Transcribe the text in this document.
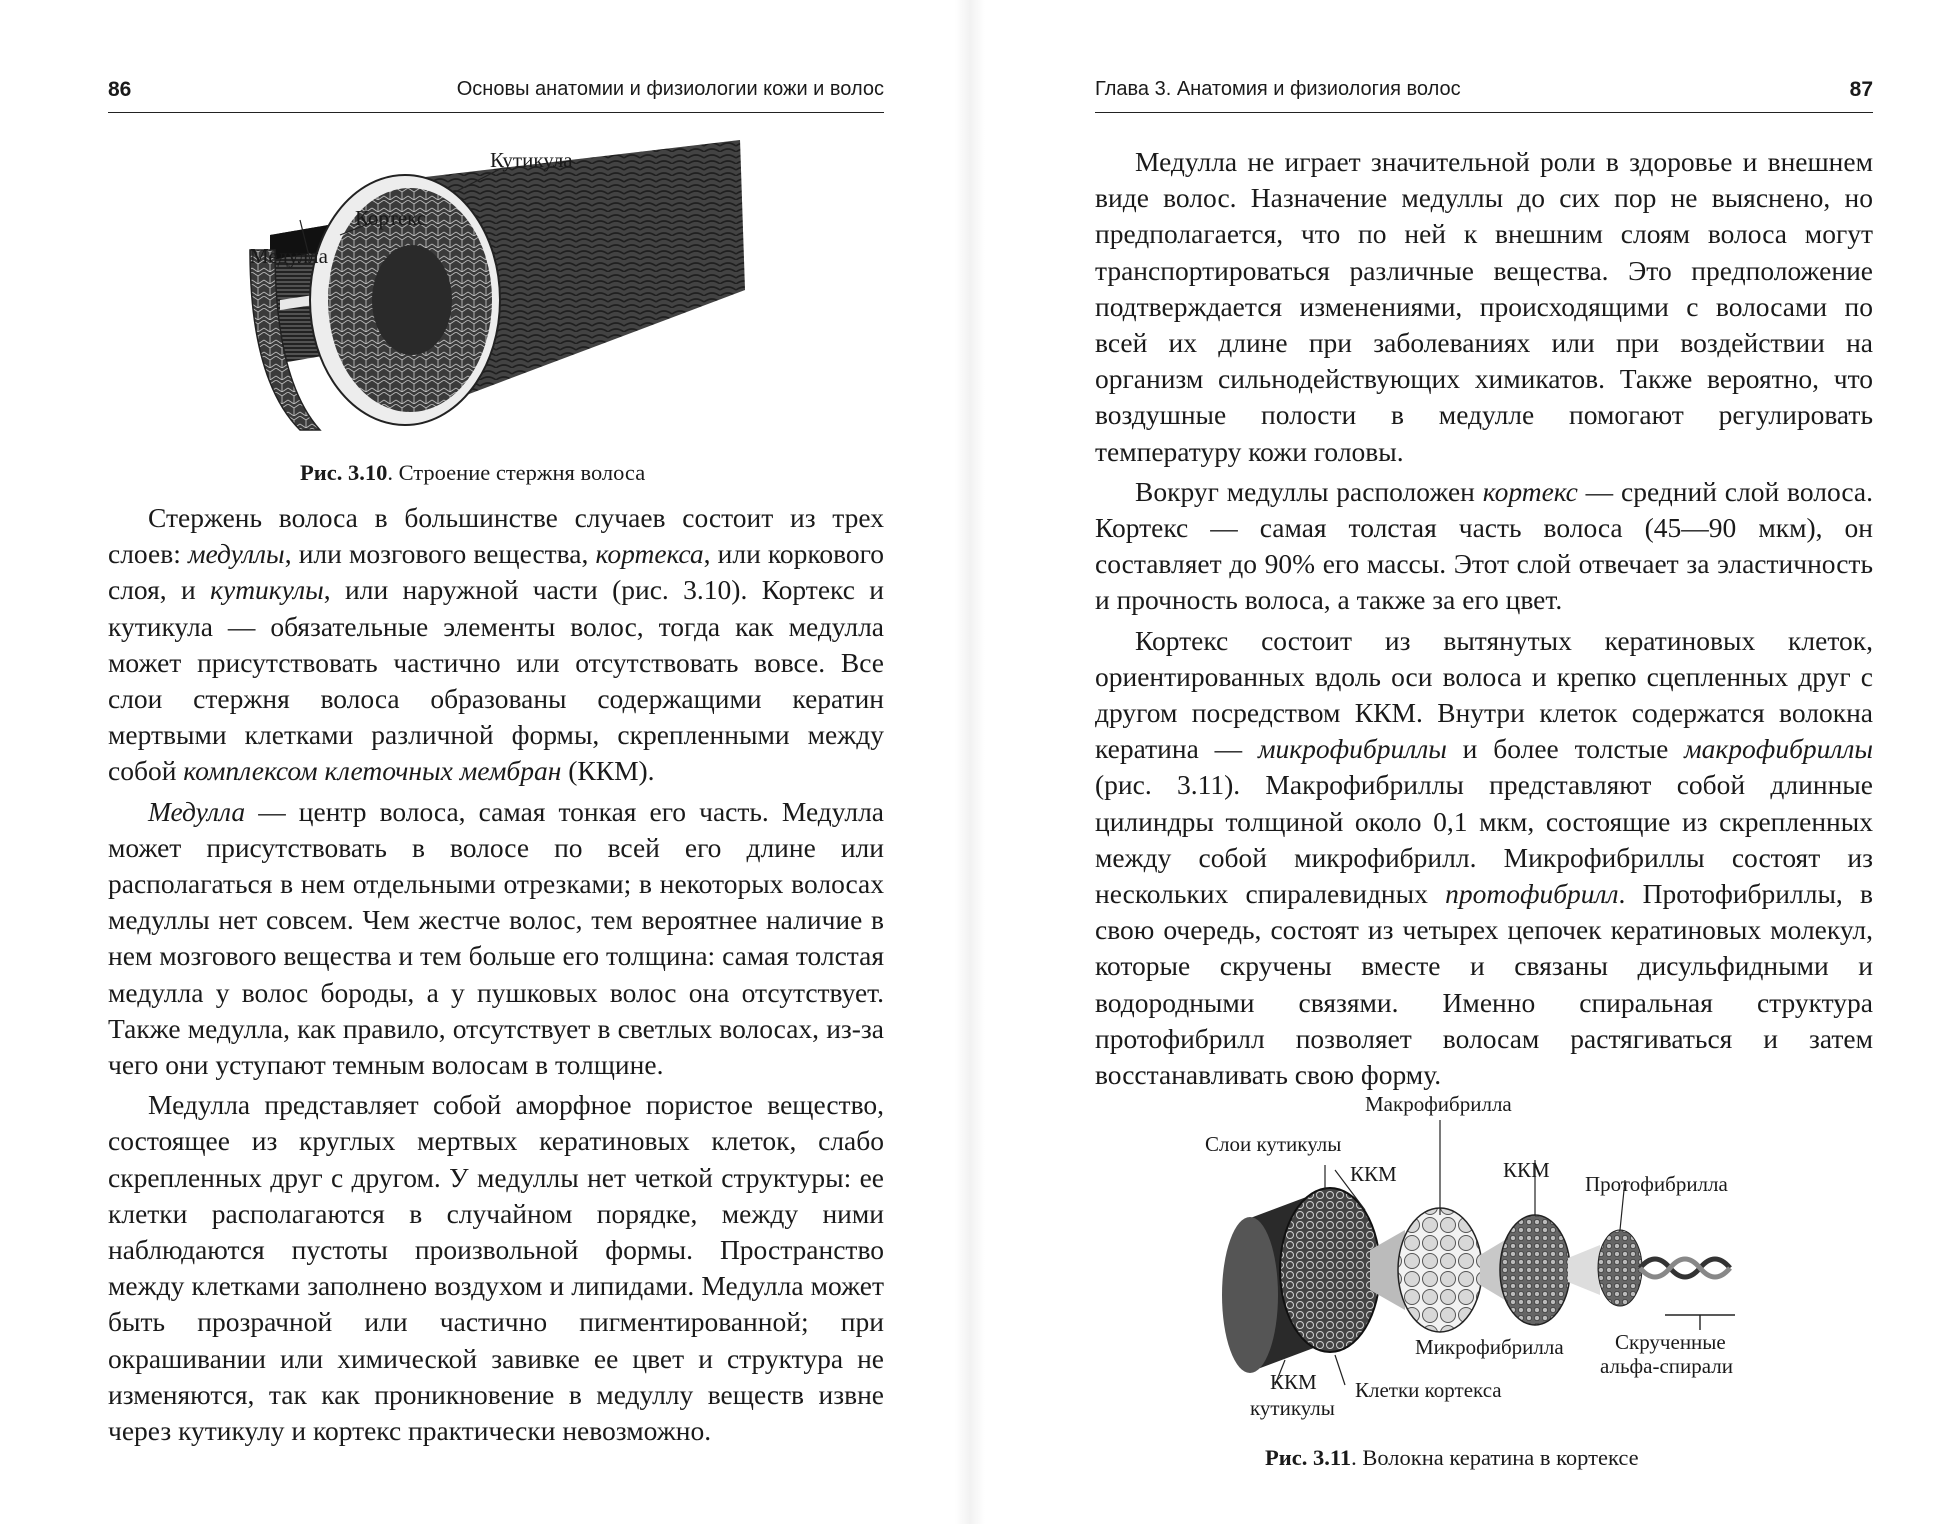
86	Основы анатомии и физиологии кожи и волос
Кутикула
Кортекс
Медулла
Рис. 3.10. Строение стержня волоса

Стержень волоса в большинстве случаев состоит из трех слоев: медуллы, или мозгового вещества, кортекса, или коркового слоя, и кутикулы, или наружной части (рис. 3.10). Кортекс и кутикула — обязательные элементы волос, тогда как медулла может присутствовать частично или отсутствовать вовсе. Все слои стержня волоса образованы содержащими кератин мертвыми клетками различной формы, скрепленными между собой комплексом клеточных мембран (ККМ).

Медулла — центр волоса, самая тонкая его часть. Медулла может присутствовать в волосе по всей его длине или располагаться в нем отдельными отрезками; в некоторых волосах медуллы нет совсем. Чем жестче волос, тем вероятнее наличие в нем мозгового вещества и тем больше его толщина: самая толстая медулла у волос бороды, а у пушковых волос она отсутствует. Также медулла, как правило, отсутствует в светлых волосах, из-за чего они уступают темным волосам в толщине.

Медулла представляет собой аморфное пористое вещество, состоящее из круглых мертвых кератиновых клеток, слабо скрепленных друг с другом. У медуллы нет четкой структуры: ее клетки располагаются в случайном порядке, между ними наблюдаются пустоты произвольной формы. Пространство между клетками заполнено воздухом и липидами. Медулла может быть прозрачной или частично пигментированной; при окрашивании или химической завивке ее цвет и структура не изменяются, так как проникновение в медуллу веществ извне через кутикулу и кортекс практически невозможно.

Глава 3. Анатомия и физиология волос	87

Медулла не играет значительной роли в здоровье и внешнем виде волос. Назначение медуллы до сих пор не выяснено, но предполагается, что по ней к внешним слоям волоса могут транспортироваться различные вещества. Это предположение подтверждается изменениями, происходящими с волосами по всей их длине при заболеваниях или при воздействии на организм сильнодействующих химикатов. Также вероятно, что воздушные полости в медулле помогают регулировать температуру кожи головы.

Вокруг медуллы расположен кортекс — средний слой волоса. Кортекс — самая толстая часть волоса (45—90 мкм), он составляет до 90% его массы. Этот слой отвечает за эластичность и прочность волоса, а также за его цвет.

Кортекс состоит из вытянутых кератиновых клеток, ориентированных вдоль оси волоса и крепко сцепленных друг с другом посредством ККМ. Внутри клеток содержатся волокна кератина — микрофибриллы и более толстые макрофибриллы (рис. 3.11). Макрофибриллы представляют собой длинные цилиндры толщиной около 0,1 мкм, состоящие из скрепленных между собой микрофибрилл. Микрофибриллы состоят из нескольких спиралевидных протофибрилл. Протофибриллы, в свою очередь, состоят из четырех цепочек кератиновых молекул, которые скручены вместе и связаны дисульфидными и водородными связями. Именно спиральная структура протофибрилл позволяет волосам растягиваться и затем восстанавливать свою форму.

Макрофибрилла
Слои кутикулы
ККМ	ККМ
Протофибрилла
Микрофибрилла Скрученные
альфа-спирали
ККМ
кутикулы
Клетки кортекса
Рис. 3.11. Волокна кератина в кортексе
